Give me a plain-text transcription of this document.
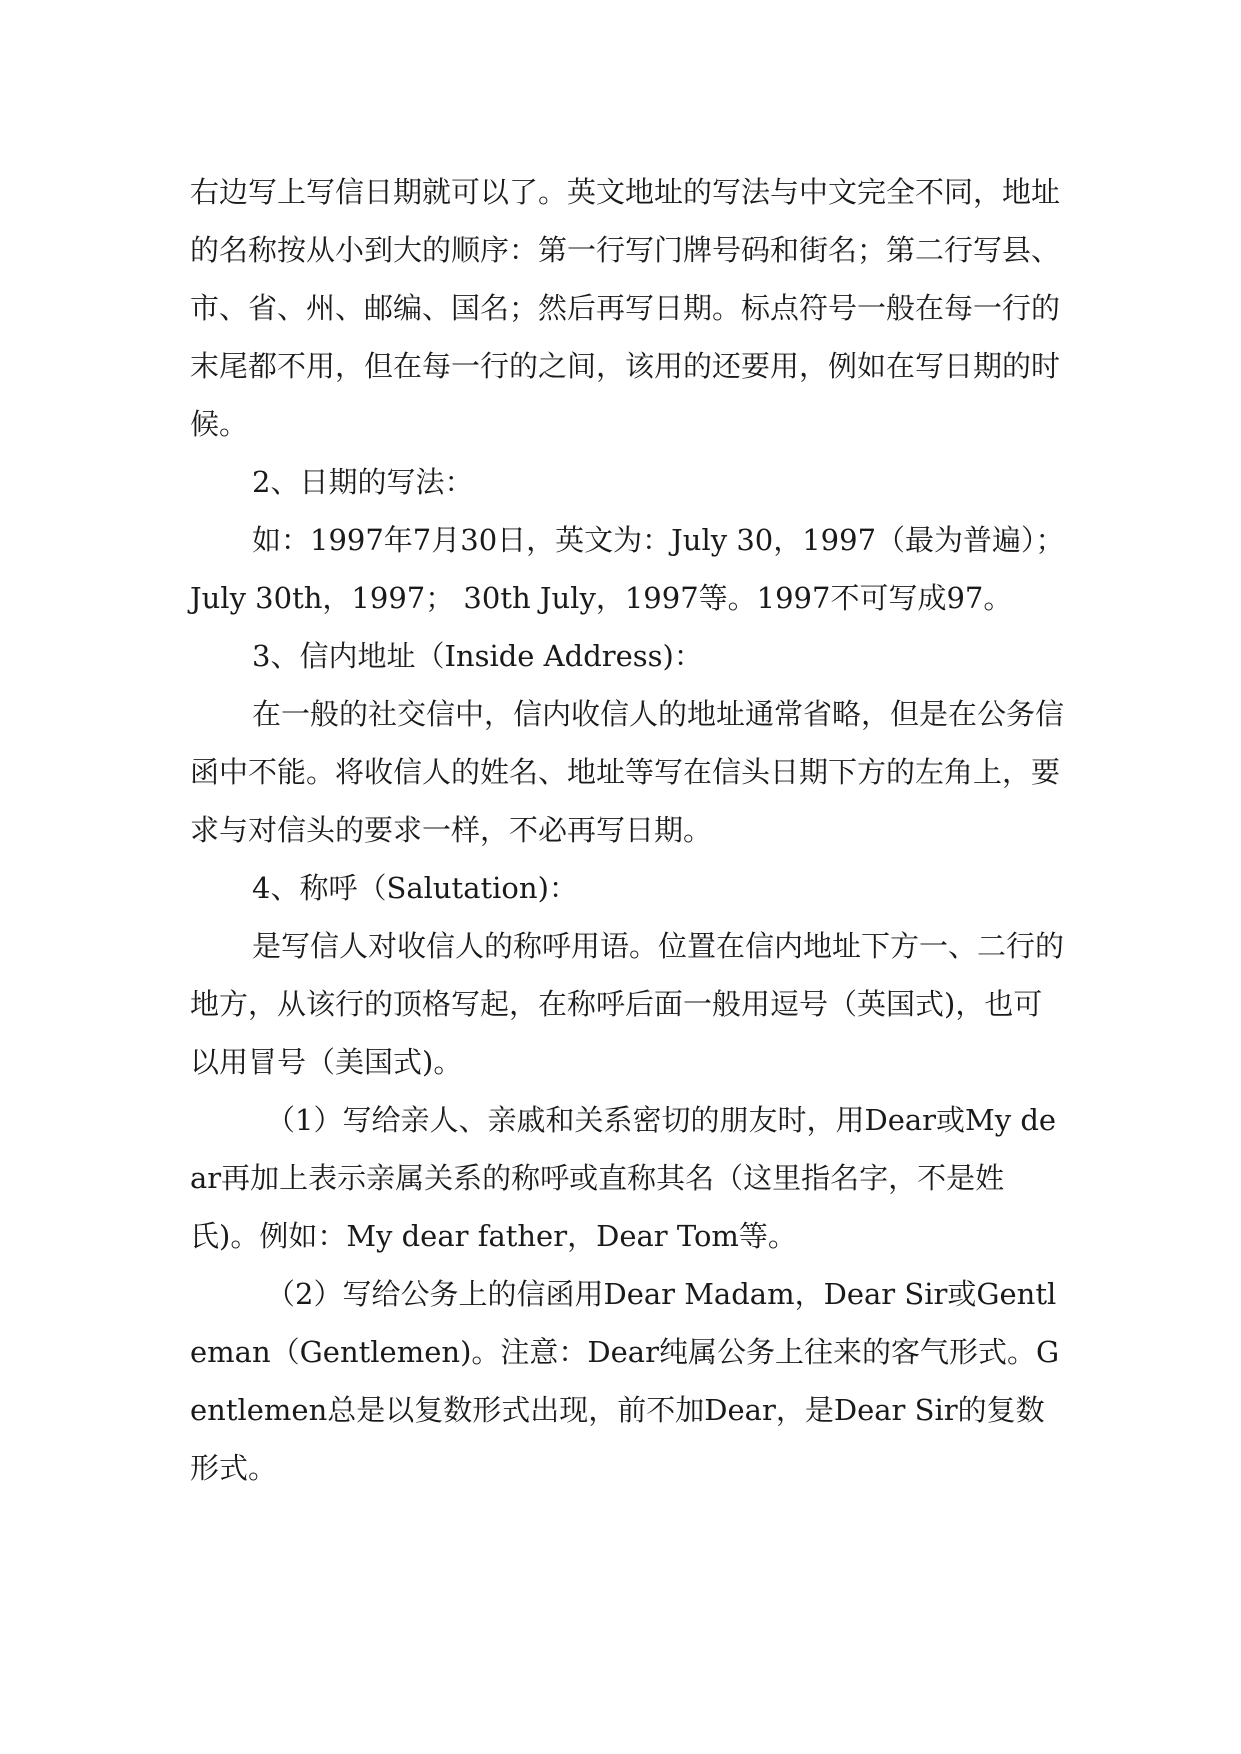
右边写上写信日期就可以了。英文地址的写法与中文完全不同，地址的名称按从小到大的顺序：第一行写门牌号码和街名；第二行写县、市、省、州、邮编、国名；然后再写日期。标点符号一般在每一行的末尾都不用，但在每一行的之间，该用的还要用，例如在写日期的时候。

2、日期的写法：

如：1997年7月30日，英文为：July 30，1997（最为普遍）； July 30th，1997； 30th July，1997等。1997不可写成97。

3、信内地址（Inside Address)：

在一般的社交信中，信内收信人的地址通常省略，但是在公务信函中不能。将收信人的姓名、地址等写在信头日期下方的左角上，要求与对信头的要求一样，不必再写日期。

4、称呼（Salutation)：

是写信人对收信人的称呼用语。位置在信内地址下方一、二行的地方，从该行的顶格写起，在称呼后面一般用逗号（英国式)，也可以用冒号（美国式)。

（1）写给亲人、亲戚和关系密切的朋友时，用Dear或My dear再加上表示亲属关系的称呼或直称其名（这里指名字，不是姓氏)。例如：My dear father，Dear Tom等。

（2）写给公务上的信函用Dear Madam，Dear Sir或Gentleman（Gentlemen)。注意：Dear纯属公务上往来的客气形式。Gentlemen总是以复数形式出现，前不加Dear，是Dear Sir的复数形式。
